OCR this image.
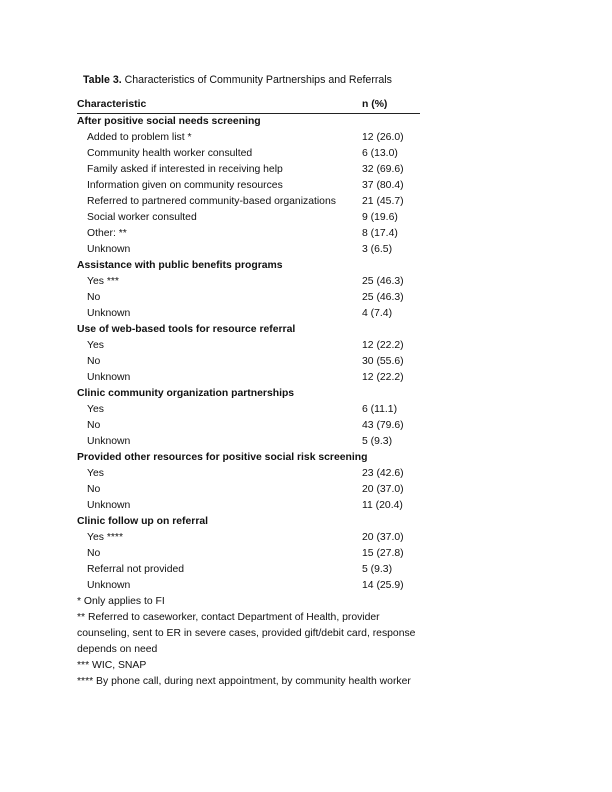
Table 3. Characteristics of Community Partnerships and Referrals
Characteristic	n (%)
After positive social needs screening
Added to problem list *	12 (26.0)
Community health worker consulted	6 (13.0)
Family asked if interested in receiving help	32 (69.6)
Information given on community resources	37 (80.4)
Referred to partnered community-based organizations	21 (45.7)
Social worker consulted	9 (19.6)
Other: **	8 (17.4)
Unknown	3 (6.5)
Assistance with public benefits programs
Yes ***	25 (46.3)
No	25 (46.3)
Unknown	4 (7.4)
Use of web-based tools for resource referral
Yes	12 (22.2)
No	30 (55.6)
Unknown	12 (22.2)
Clinic community organization partnerships
Yes	6 (11.1)
No	43 (79.6)
Unknown	5 (9.3)
Provided other resources for positive social risk screening
Yes	23 (42.6)
No	20 (37.0)
Unknown	11 (20.4)
Clinic follow up on referral
Yes ****	20 (37.0)
No	15 (27.8)
Referral not provided	5 (9.3)
Unknown	14 (25.9)

* Only applies to FI

** Referred to caseworker, contact Department of Health, provider counseling, sent to ER in severe cases, provided gift/debit card, response depends on need

*** WIC, SNAP

**** By phone call, during next appointment, by community health worker
